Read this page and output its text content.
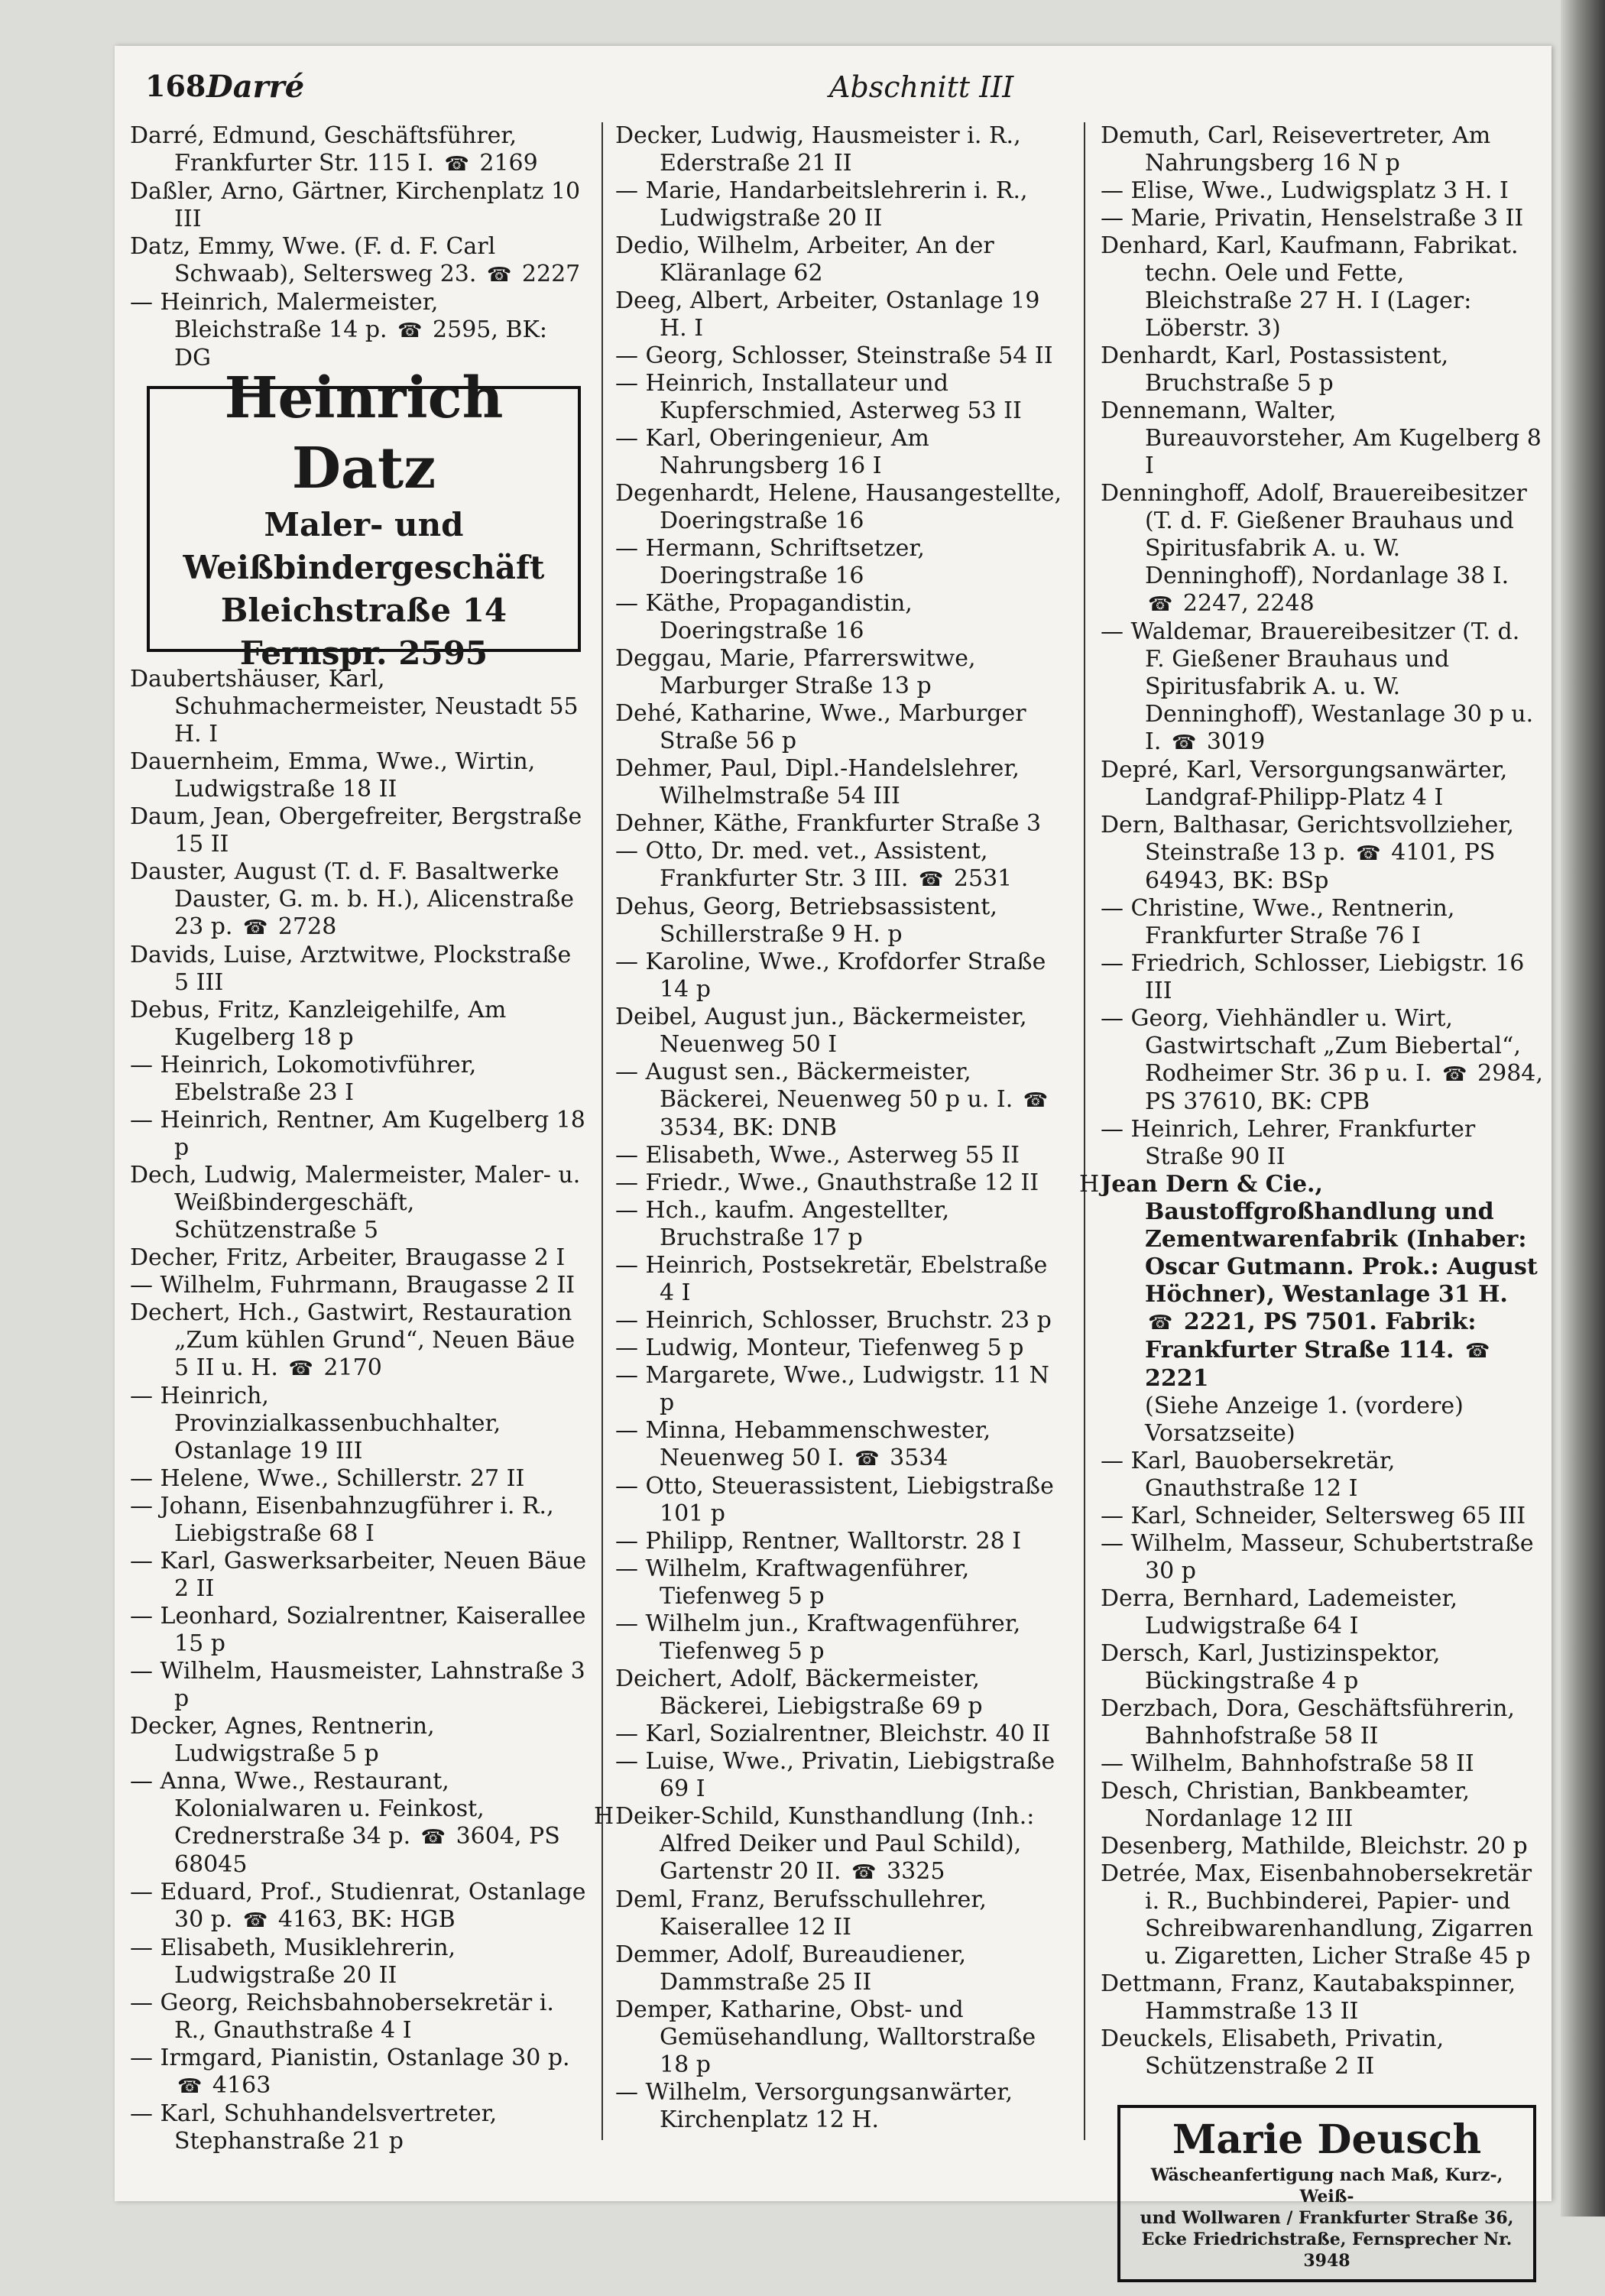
168 Darré	Abschnitt III

Darré, Edmund, Geschäftsführer, Frankfurter Str. 115 I. ☎ 2169

Daßler, Arno, Gärtner, Kirchenplatz 10 III

Datz, Emmy, Wwe. (F. d. F. Carl Schwaab), Seltersweg 23. ☎ 2227

— Heinrich, Malermeister, Bleichstraße 14 p. ☎ 2595, BK: DG

Heinrich Datz
Maler- und Weißbindergeschäft
Bleichstraße 14
Fernspr. 2595

Daubertshäuser, Karl, Schuhmachermeister, Neustadt 55 H. I

Dauernheim, Emma, Wwe., Wirtin, Ludwigstraße 18 II

Daum, Jean, Obergefreiter, Bergstraße 15 II

Dauster, August (T. d. F. Basaltwerke Dauster, G. m. b. H.), Alicenstraße 23 p. ☎ 2728

Davids, Luise, Arztwitwe, Plockstraße 5 III

Debus, Fritz, Kanzleigehilfe, Am Kugelberg 18 p

— Heinrich, Lokomotivführer, Ebelstraße 23 I

— Heinrich, Rentner, Am Kugelberg 18 p

Dech, Ludwig, Malermeister, Maler- u. Weißbindergeschäft, Schützenstraße 5

Decher, Fritz, Arbeiter, Braugasse 2 I

— Wilhelm, Fuhrmann, Braugasse 2 II

Dechert, Hch., Gastwirt, Restauration „Zum kühlen Grund“, Neuen Bäue 5 II u. H. ☎ 2170

— Heinrich, Provinzialkassenbuchhalter, Ostanlage 19 III

— Helene, Wwe., Schillerstr. 27 II

— Johann, Eisenbahnzugführer i. R., Liebigstraße 68 I

— Karl, Gaswerksarbeiter, Neuen Bäue 2 II

— Leonhard, Sozialrentner, Kaiserallee 15 p

— Wilhelm, Hausmeister, Lahnstraße 3 p

Decker, Agnes, Rentnerin, Ludwigstraße 5 p

— Anna, Wwe., Restaurant, Kolonialwaren u. Feinkost, Crednerstraße 34 p. ☎ 3604, PS 68045

— Eduard, Prof., Studienrat, Ostanlage 30 p. ☎ 4163, BK: HGB

— Elisabeth, Musiklehrerin, Ludwigstraße 20 II

— Georg, Reichsbahnobersekretär i. R., Gnauthstraße 4 I

— Irmgard, Pianistin, Ostanlage 30 p. ☎ 4163

— Karl, Schuhhandelsvertreter, Stephanstraße 21 p

Decker, Ludwig, Hausmeister i. R., Ederstraße 21 II

— Marie, Handarbeitslehrerin i. R., Ludwigstraße 20 II

Dedio, Wilhelm, Arbeiter, An der Kläranlage 62

Deeg, Albert, Arbeiter, Ostanlage 19 H. I

— Georg, Schlosser, Steinstraße 54 II

— Heinrich, Installateur und Kupferschmied, Asterweg 53 II

— Karl, Oberingenieur, Am Nahrungsberg 16 I

Degenhardt, Helene, Hausangestellte, Doeringstraße 16

— Hermann, Schriftsetzer, Doeringstraße 16

— Käthe, Propagandistin, Doeringstraße 16

Deggau, Marie, Pfarrerswitwe, Marburger Straße 13 p

Dehé, Katharine, Wwe., Marburger Straße 56 p

Dehmer, Paul, Dipl.-Handelslehrer, Wilhelmstraße 54 III

Dehner, Käthe, Frankfurter Straße 3

— Otto, Dr. med. vet., Assistent, Frankfurter Str. 3 III. ☎ 2531

Dehus, Georg, Betriebsassistent, Schillerstraße 9 H. p

— Karoline, Wwe., Krofdorfer Straße 14 p

Deibel, August jun., Bäckermeister, Neuenweg 50 I

— August sen., Bäckermeister, Bäckerei, Neuenweg 50 p u. I. ☎ 3534, BK: DNB

— Elisabeth, Wwe., Asterweg 55 II

— Friedr., Wwe., Gnauthstraße 12 II

— Hch., kaufm. Angestellter, Bruchstraße 17 p

— Heinrich, Postsekretär, Ebelstraße 4 I

— Heinrich, Schlosser, Bruchstr. 23 p

— Ludwig, Monteur, Tiefenweg 5 p

— Margarete, Wwe., Ludwigstr. 11 N p

— Minna, Hebammenschwester, Neuenweg 50 I. ☎ 3534

— Otto, Steuerassistent, Liebigstraße 101 p

— Philipp, Rentner, Walltorstr. 28 I

— Wilhelm, Kraftwagenführer, Tiefenweg 5 p

— Wilhelm jun., Kraftwagenführer, Tiefenweg 5 p

Deichert, Adolf, Bäckermeister, Bäckerei, Liebigstraße 69 p

— Karl, Sozialrentner, Bleichstr. 40 II

— Luise, Wwe., Privatin, Liebigstraße 69 I

HDeiker-Schild, Kunsthandlung (Inh.: Alfred Deiker und Paul Schild), Gartenstr 20 II. ☎ 3325

Deml, Franz, Berufsschullehrer, Kaiserallee 12 II

Demmer, Adolf, Bureaudiener, Dammstraße 25 II

Demper, Katharine, Obst- und Gemüsehandlung, Walltorstraße 18 p

— Wilhelm, Versorgungsanwärter, Kirchenplatz 12 H.

Demuth, Carl, Reisevertreter, Am Nahrungsberg 16 N p

— Elise, Wwe., Ludwigsplatz 3 H. I

— Marie, Privatin, Henselstraße 3 II

Denhard, Karl, Kaufmann, Fabrikat. techn. Oele und Fette, Bleichstraße 27 H. I (Lager: Löberstr. 3)

Denhardt, Karl, Postassistent, Bruchstraße 5 p

Dennemann, Walter, Bureauvorsteher, Am Kugelberg 8 I

Denninghoff, Adolf, Brauereibesitzer (T. d. F. Gießener Brauhaus und Spiritusfabrik A. u. W. Denninghoff), Nordanlage 38 I. ☎ 2247, 2248

— Waldemar, Brauereibesitzer (T. d. F. Gießener Brauhaus und Spiritusfabrik A. u. W. Denninghoff), Westanlage 30 p u. I. ☎ 3019

Depré, Karl, Versorgungsanwärter, Landgraf-Philipp-Platz 4 I

Dern, Balthasar, Gerichtsvollzieher, Steinstraße 13 p. ☎ 4101, PS 64943, BK: BSp

— Christine, Wwe., Rentnerin, Frankfurter Straße 76 I

— Friedrich, Schlosser, Liebigstr. 16 III

— Georg, Viehhändler u. Wirt, Gastwirtschaft „Zum Biebertal“, Rodheimer Str. 36 p u. I. ☎ 2984, PS 37610, BK: CPB

— Heinrich, Lehrer, Frankfurter Straße 90 II

HJean Dern & Cie., Baustoffgroßhandlung und Zementwarenfabrik (Inhaber: Oscar Gutmann. Prok.: August Höchner), Westanlage 31 H. ☎ 2221, PS 7501. Fabrik: Frankfurter Straße 114. ☎ 2221

(Siehe Anzeige 1. (vordere) Vorsatzseite)

— Karl, Bauobersekretär, Gnauthstraße 12 I

— Karl, Schneider, Seltersweg 65 III

— Wilhelm, Masseur, Schubertstraße 30 p

Derra, Bernhard, Lademeister, Ludwigstraße 64 I

Dersch, Karl, Justizinspektor, Bückingstraße 4 p

Derzbach, Dora, Geschäftsführerin, Bahnhofstraße 58 II

— Wilhelm, Bahnhofstraße 58 II

Desch, Christian, Bankbeamter, Nordanlage 12 III

Desenberg, Mathilde, Bleichstr. 20 p

Detrée, Max, Eisenbahnobersekretär i. R., Buchbinderei, Papier- und Schreibwarenhandlung, Zigarren u. Zigaretten, Licher Straße 45 p

Dettmann, Franz, Kautabakspinner, Hammstraße 13 II

Deuckels, Elisabeth, Privatin, Schützenstraße 2 II

Marie Deusch
Wäscheanfertigung nach Maß, Kurz-, Weiß-
und Wollwaren / Frankfurter Straße 36,
Ecke Friedrichstraße, Fernsprecher Nr. 3948
